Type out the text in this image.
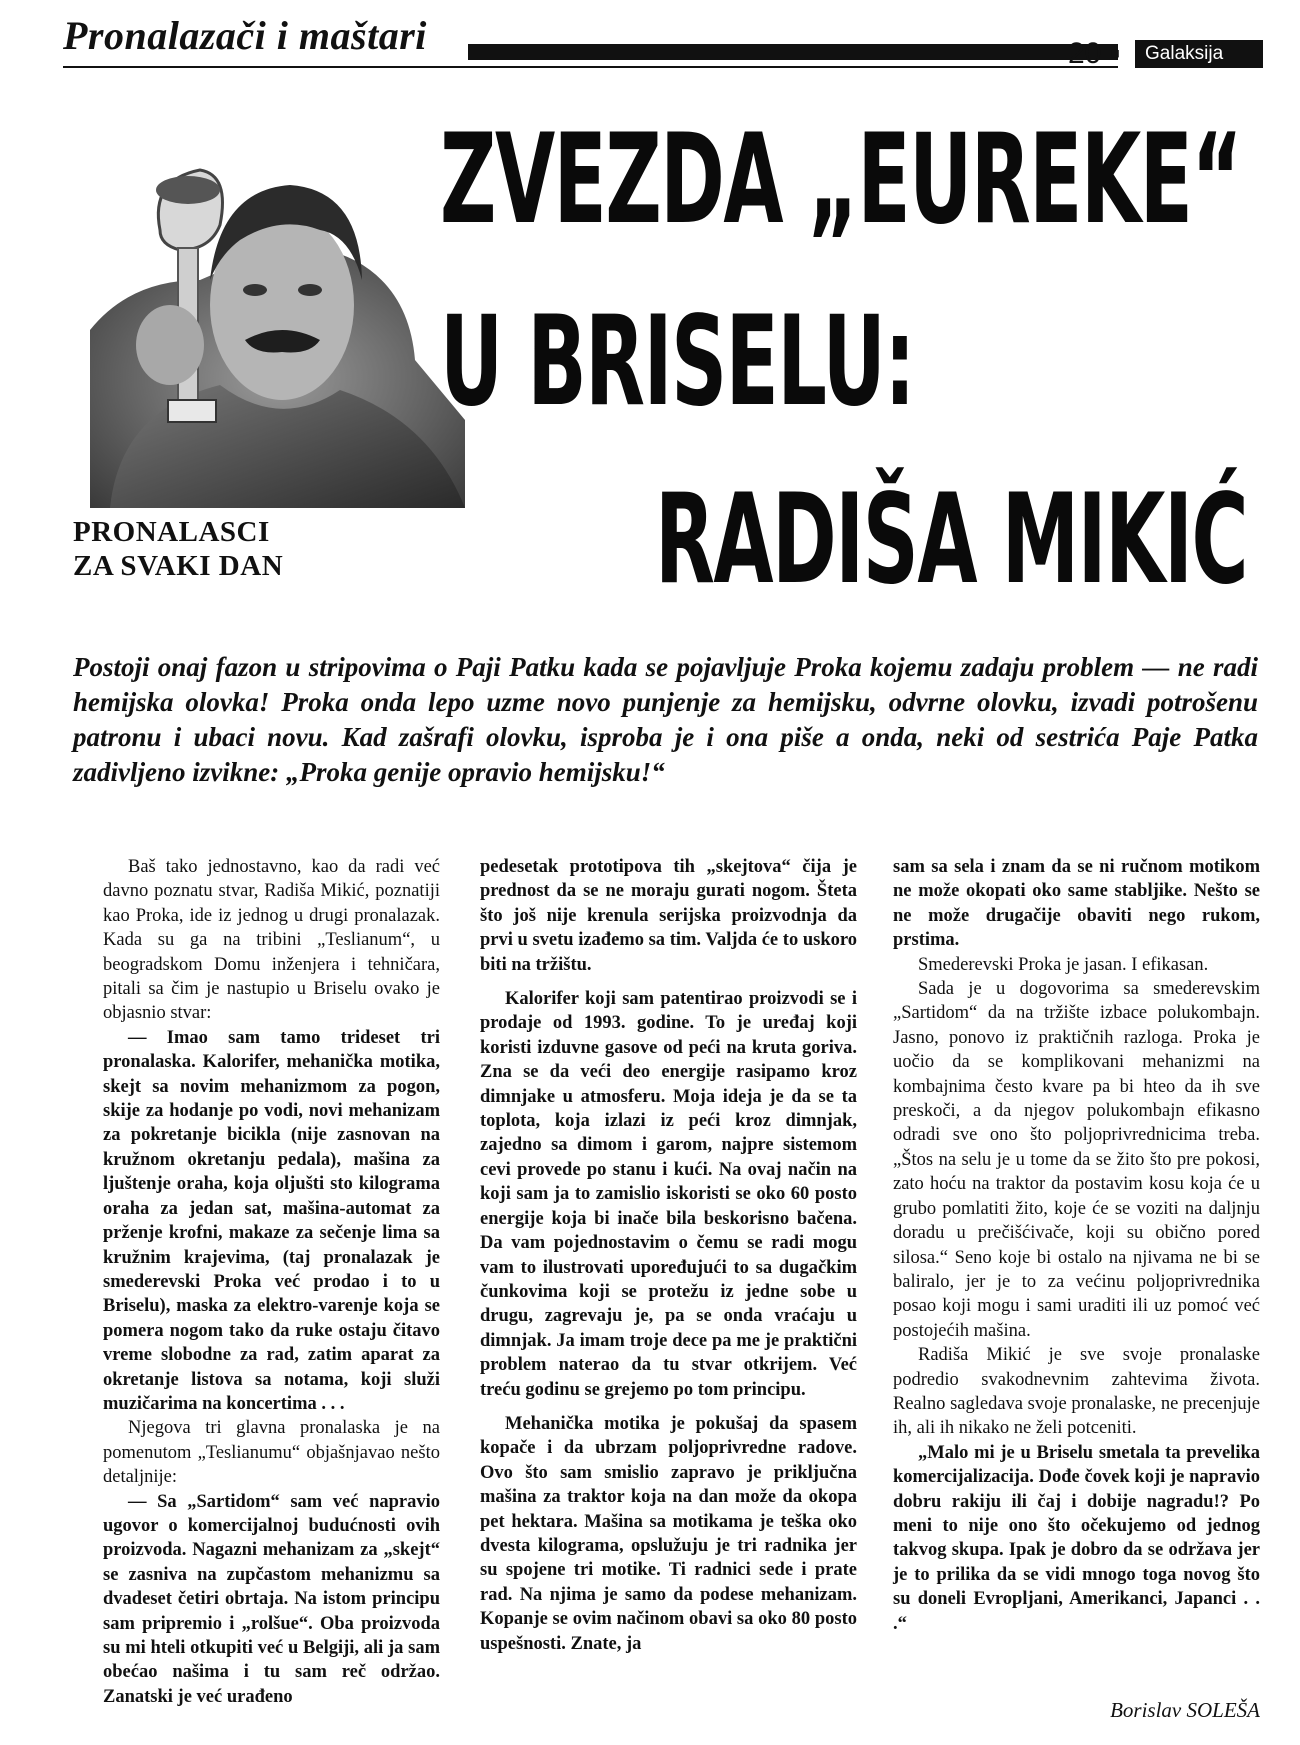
Pronalazači i maštari	20 ▪	Galaksija
PRONALASCI
ZA SVAKI DAN
ZVEZDA „EUREKE“
U BRISELU:
RADIŠA MIKIĆ
Postoji onaj fazon u stripovima o Paji Patku kada se pojavljuje Proka kojemu zadaju problem — ne radi hemijska olovka! Proka onda lepo uzme novo punjenje za hemijsku, odvrne olovku, izvadi potrošenu patronu i ubaci novu. Kad zašrafi olovku, isproba je i ona piše a onda, neki od sestrića Paje Patka zadivljeno izvikne: „Proka genije opravio hemijsku!“

Baš tako jednostavno, kao da radi već davno poznatu stvar, Radiša Mikić, poznatiji kao Proka, ide iz jednog u drugi pronalazak. Kada su ga na tribini „Teslianum“, u beogradskom Domu inženjera i tehničara, pitali sa čim je nastupio u Briselu ovako je objasnio stvar:

— Imao sam tamo trideset tri pronalaska. Kalorifer, mehanička motika, skejt sa novim mehanizmom za pogon, skije za hodanje po vodi, novi mehanizam za pokretanje bicikla (nije zasnovan na kružnom okretanju pedala), mašina za ljuštenje oraha, koja oljušti sto kilograma oraha za jedan sat, mašina-automat za prženje krofni, makaze za sečenje lima sa kružnim krajevima, (taj pronalazak je smederevski Proka već prodao i to u Briselu), maska za elektro-varenje koja se pomera nogom tako da ruke ostaju čitavo vreme slobodne za rad, zatim aparat za okretanje listova sa notama, koji služi muzičarima na koncertima . . .

Njegova tri glavna pronalaska je na pomenutom „Teslianumu“ objašnjavao nešto detaljnije:

— Sa „Sartidom“ sam već napravio ugovor o komercijalnoj budućnosti ovih proizvoda. Nagazni mehanizam za „skejt“ se zasniva na zupčastom mehanizmu sa dvadeset četiri obrtaja. Na istom principu sam pripremio i „rolšue“. Oba proizvoda su mi hteli otkupiti već u Belgiji, ali ja sam obećao našima i tu sam reč održao. Zanatski je već urađeno

pedesetak prototipova tih „skejtova“ čija je prednost da se ne moraju gurati nogom. Šteta što još nije krenula serijska proizvodnja da prvi u svetu izađemo sa tim. Valjda će to uskoro biti na tržištu.

Kalorifer koji sam patentirao proizvodi se i prodaje od 1993. godine. To je uređaj koji koristi izduvne gasove od peći na kruta goriva. Zna se da veći deo energije rasipamo kroz dimnjake u atmosferu. Moja ideja je da se ta toplota, koja izlazi iz peći kroz dimnjak, zajedno sa dimom i garom, najpre sistemom cevi provede po stanu i kući. Na ovaj način na koji sam ja to zamislio iskoristi se oko 60 posto energije koja bi inače bila beskorisno bačena. Da vam pojednostavim o čemu se radi mogu vam to ilustrovati upoređujući to sa dugačkim čunkovima koji se protežu iz jedne sobe u drugu, zagrevaju je, pa se onda vraćaju u dimnjak. Ja imam troje dece pa me je praktični problem naterao da tu stvar otkrijem. Već treću godinu se grejemo po tom principu.

Mehanička motika je pokušaj da spasem kopače i da ubrzam poljoprivredne radove. Ovo što sam smislio zapravo je priključna mašina za traktor koja na dan može da okopa pet hektara. Mašina sa motikama je teška oko dvesta kilograma, opslužuju je tri radnika jer su spojene tri motike. Ti radnici sede i prate rad. Na njima je samo da podese mehanizam. Kopanje se ovim načinom obavi sa oko 80 posto uspešnosti. Znate, ja

sam sa sela i znam da se ni ručnom motikom ne može okopati oko same stabljike. Nešto se ne može drugačije obaviti nego rukom, prstima.

Smederevski Proka je jasan. I efikasan.

Sada je u dogovorima sa smederevskim „Sartidom“ da na tržište izbace polukombajn. Jasno, ponovo iz praktičnih razloga. Proka je uočio da se komplikovani mehanizmi na kombajnima često kvare pa bi hteo da ih sve preskoči, a da njegov polukombajn efikasno odradi sve ono što poljoprivrednicima treba. „Štos na selu je u tome da se žito što pre pokosi, zato hoću na traktor da postavim kosu koja će u grubo pomlatiti žito, koje će se voziti na daljnju doradu u prečišćivače, koji su obično pored silosa.“ Seno koje bi ostalo na njivama ne bi se baliralo, jer je to za većinu poljoprivrednika posao koji mogu i sami uraditi ili uz pomoć već postojećih mašina.

Radiša Mikić je sve svoje pronalaske podredio svakodnevnim zahtevima života. Realno sagledava svoje pronalaske, ne precenjuje ih, ali ih nikako ne želi potceniti.

„Malo mi je u Briselu smetala ta prevelika komercijalizacija. Dođe čovek koji je napravio dobru rakiju ili čaj i dobije nagradu!? Po meni to nije ono što očekujemo od jednog takvog skupa. Ipak je dobro da se održava jer je to prilika da se vidi mnogo toga novog što su doneli Evropljani, Amerikanci, Japanci . . .“

Borislav SOLEŠA
